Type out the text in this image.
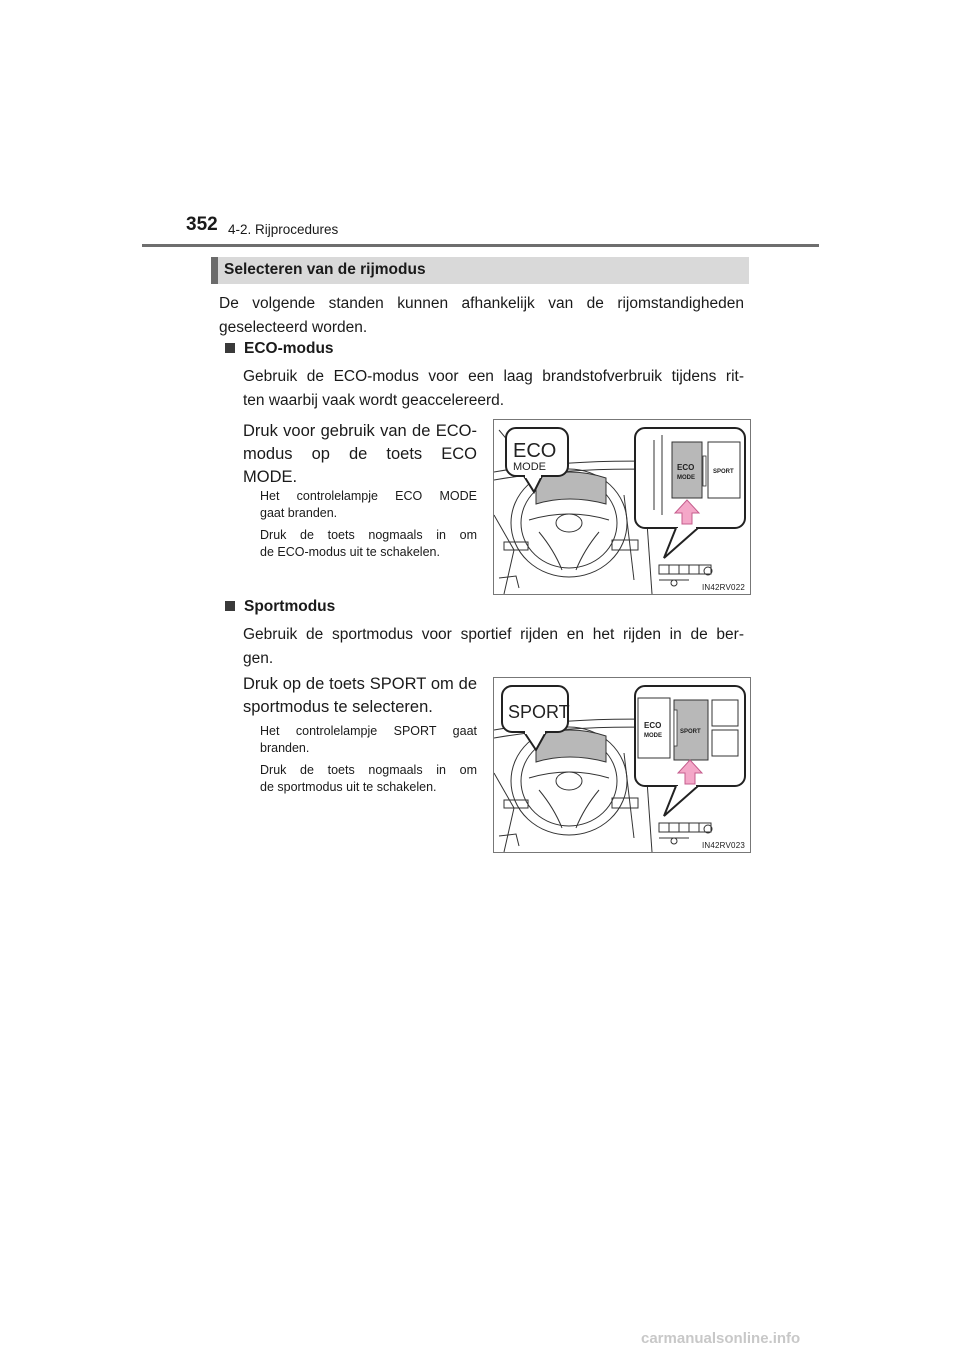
352 4-2. Rijprocedures
Selecteren van de rijmodus
De volgende standen kunnen afhankelijk van de rijomstandigheden
geselecteerd worden.
ECO-modus
Gebruik de ECO-modus voor een laag brandstofverbruik tijdens rit-
ten waarbij vaak wordt geaccelereerd.
Druk voor gebruik van de ECO-
modus op de toets ECO
MODE.
Het controlelampje ECO MODE
gaat branden.
Druk de toets nogmaals in om
de ECO-modus uit te schakelen.
ECO
MODE	ECO
MODE
SPORT
IN42RV022
Sportmodus
Gebruik de sportmodus voor sportief rijden en het rijden in de ber-
gen.
Druk op de toets SPORT om de
sportmodus te selecteren.
Het controlelampje SPORT gaat
branden.
Druk de toets nogmaals in om
de sportmodus uit te schakelen.
SPORT
ECO
MODE
SPORT
IN42RV023
carmanualsonline.info
